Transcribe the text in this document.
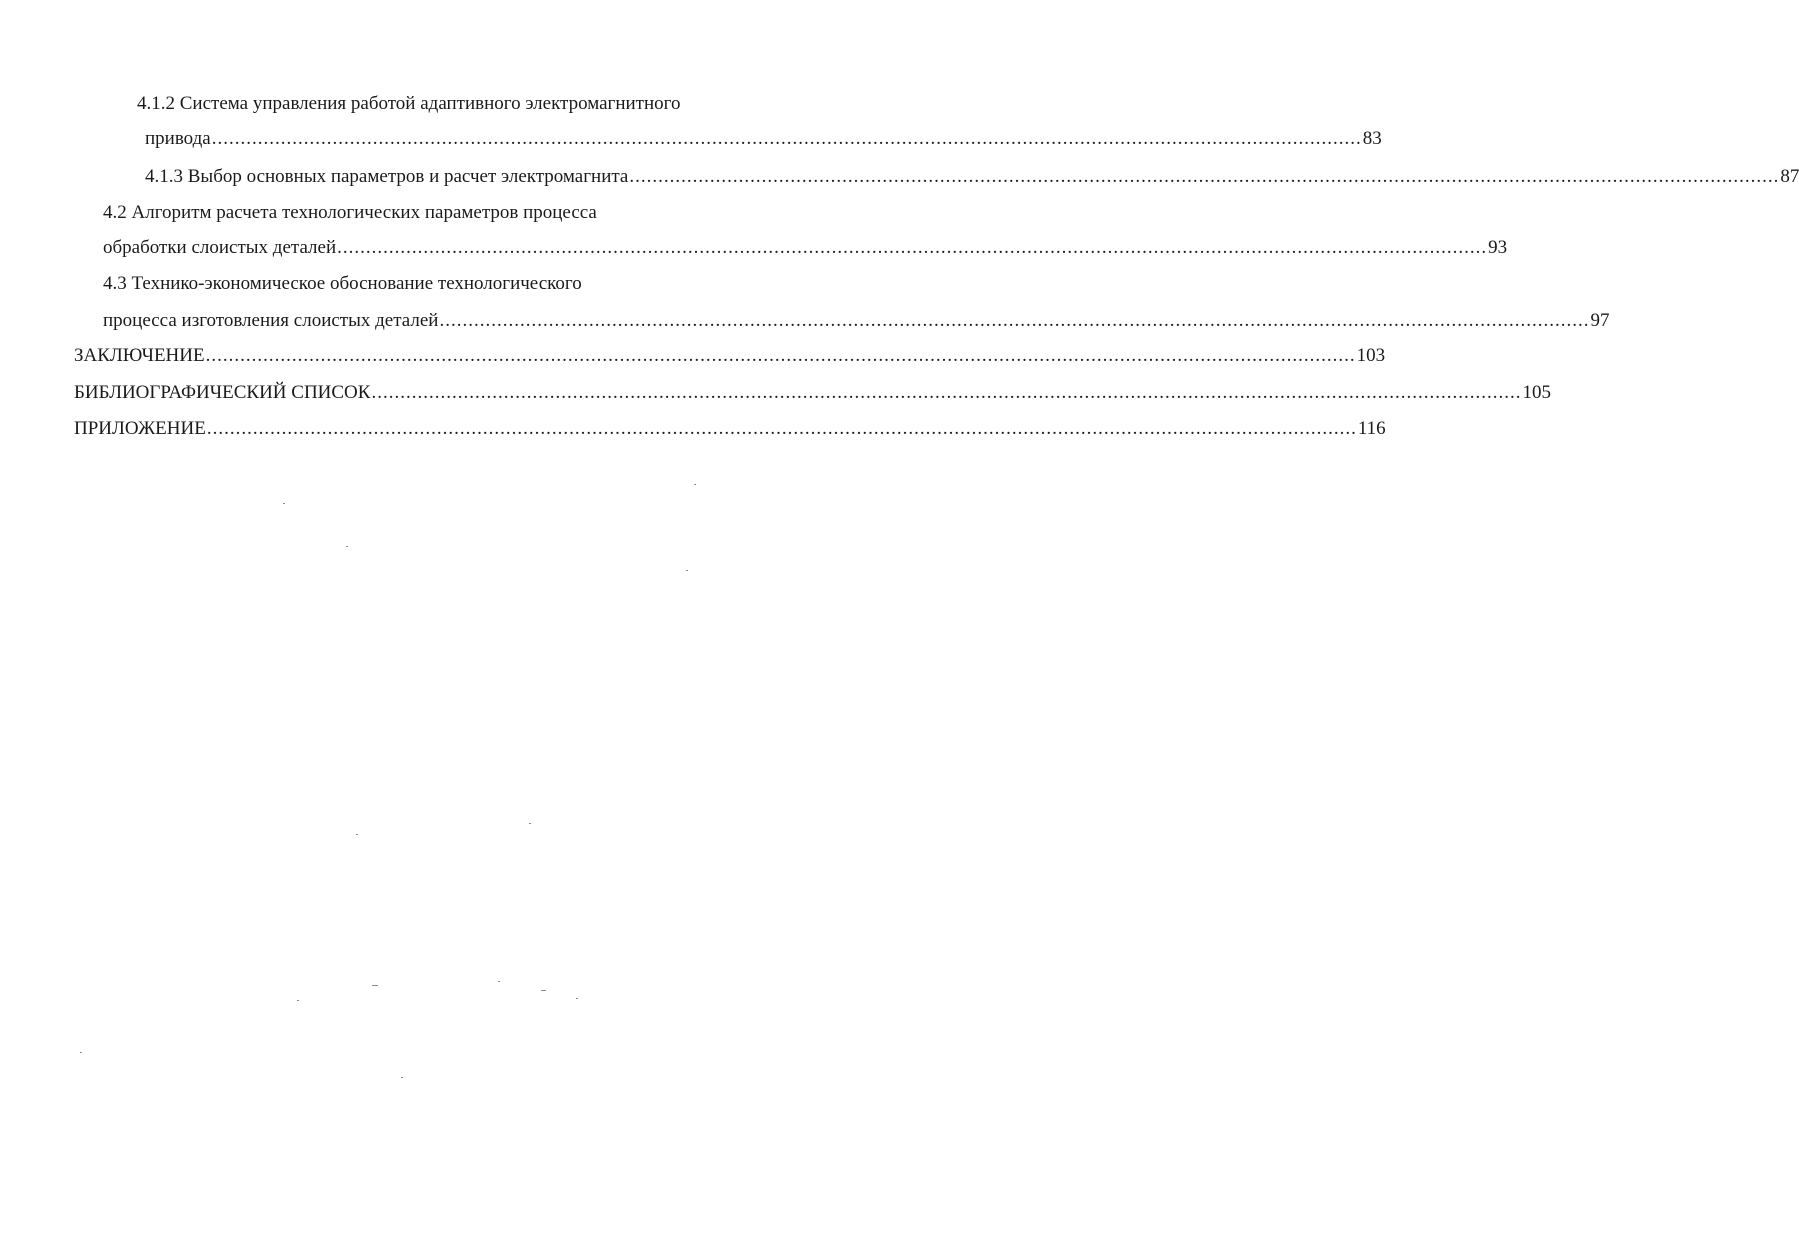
4.1.2 Система управления работой адаптивного электромагнитного
привода ........................................................................................................................................................................................................ 83
4.1.3 Выбор основных параметров и расчет электромагнита ........................................................................................................................................................................................................ 87
4.2 Алгоритм расчета технологических параметров процесса
обработки слоистых деталей ........................................................................................................................................................................................................ 93
4.3 Технико-экономическое обоснование технологического
процесса изготовления слоистых деталей ........................................................................................................................................................................................................ 97
ЗАКЛЮЧЕНИЕ ........................................................................................................................................................................................................ 103
БИБЛИОГРАФИЧЕСКИЙ СПИСОК ........................................................................................................................................................................................................ 105
ПРИЛОЖЕНИЕ ........................................................................................................................................................................................................ 116
